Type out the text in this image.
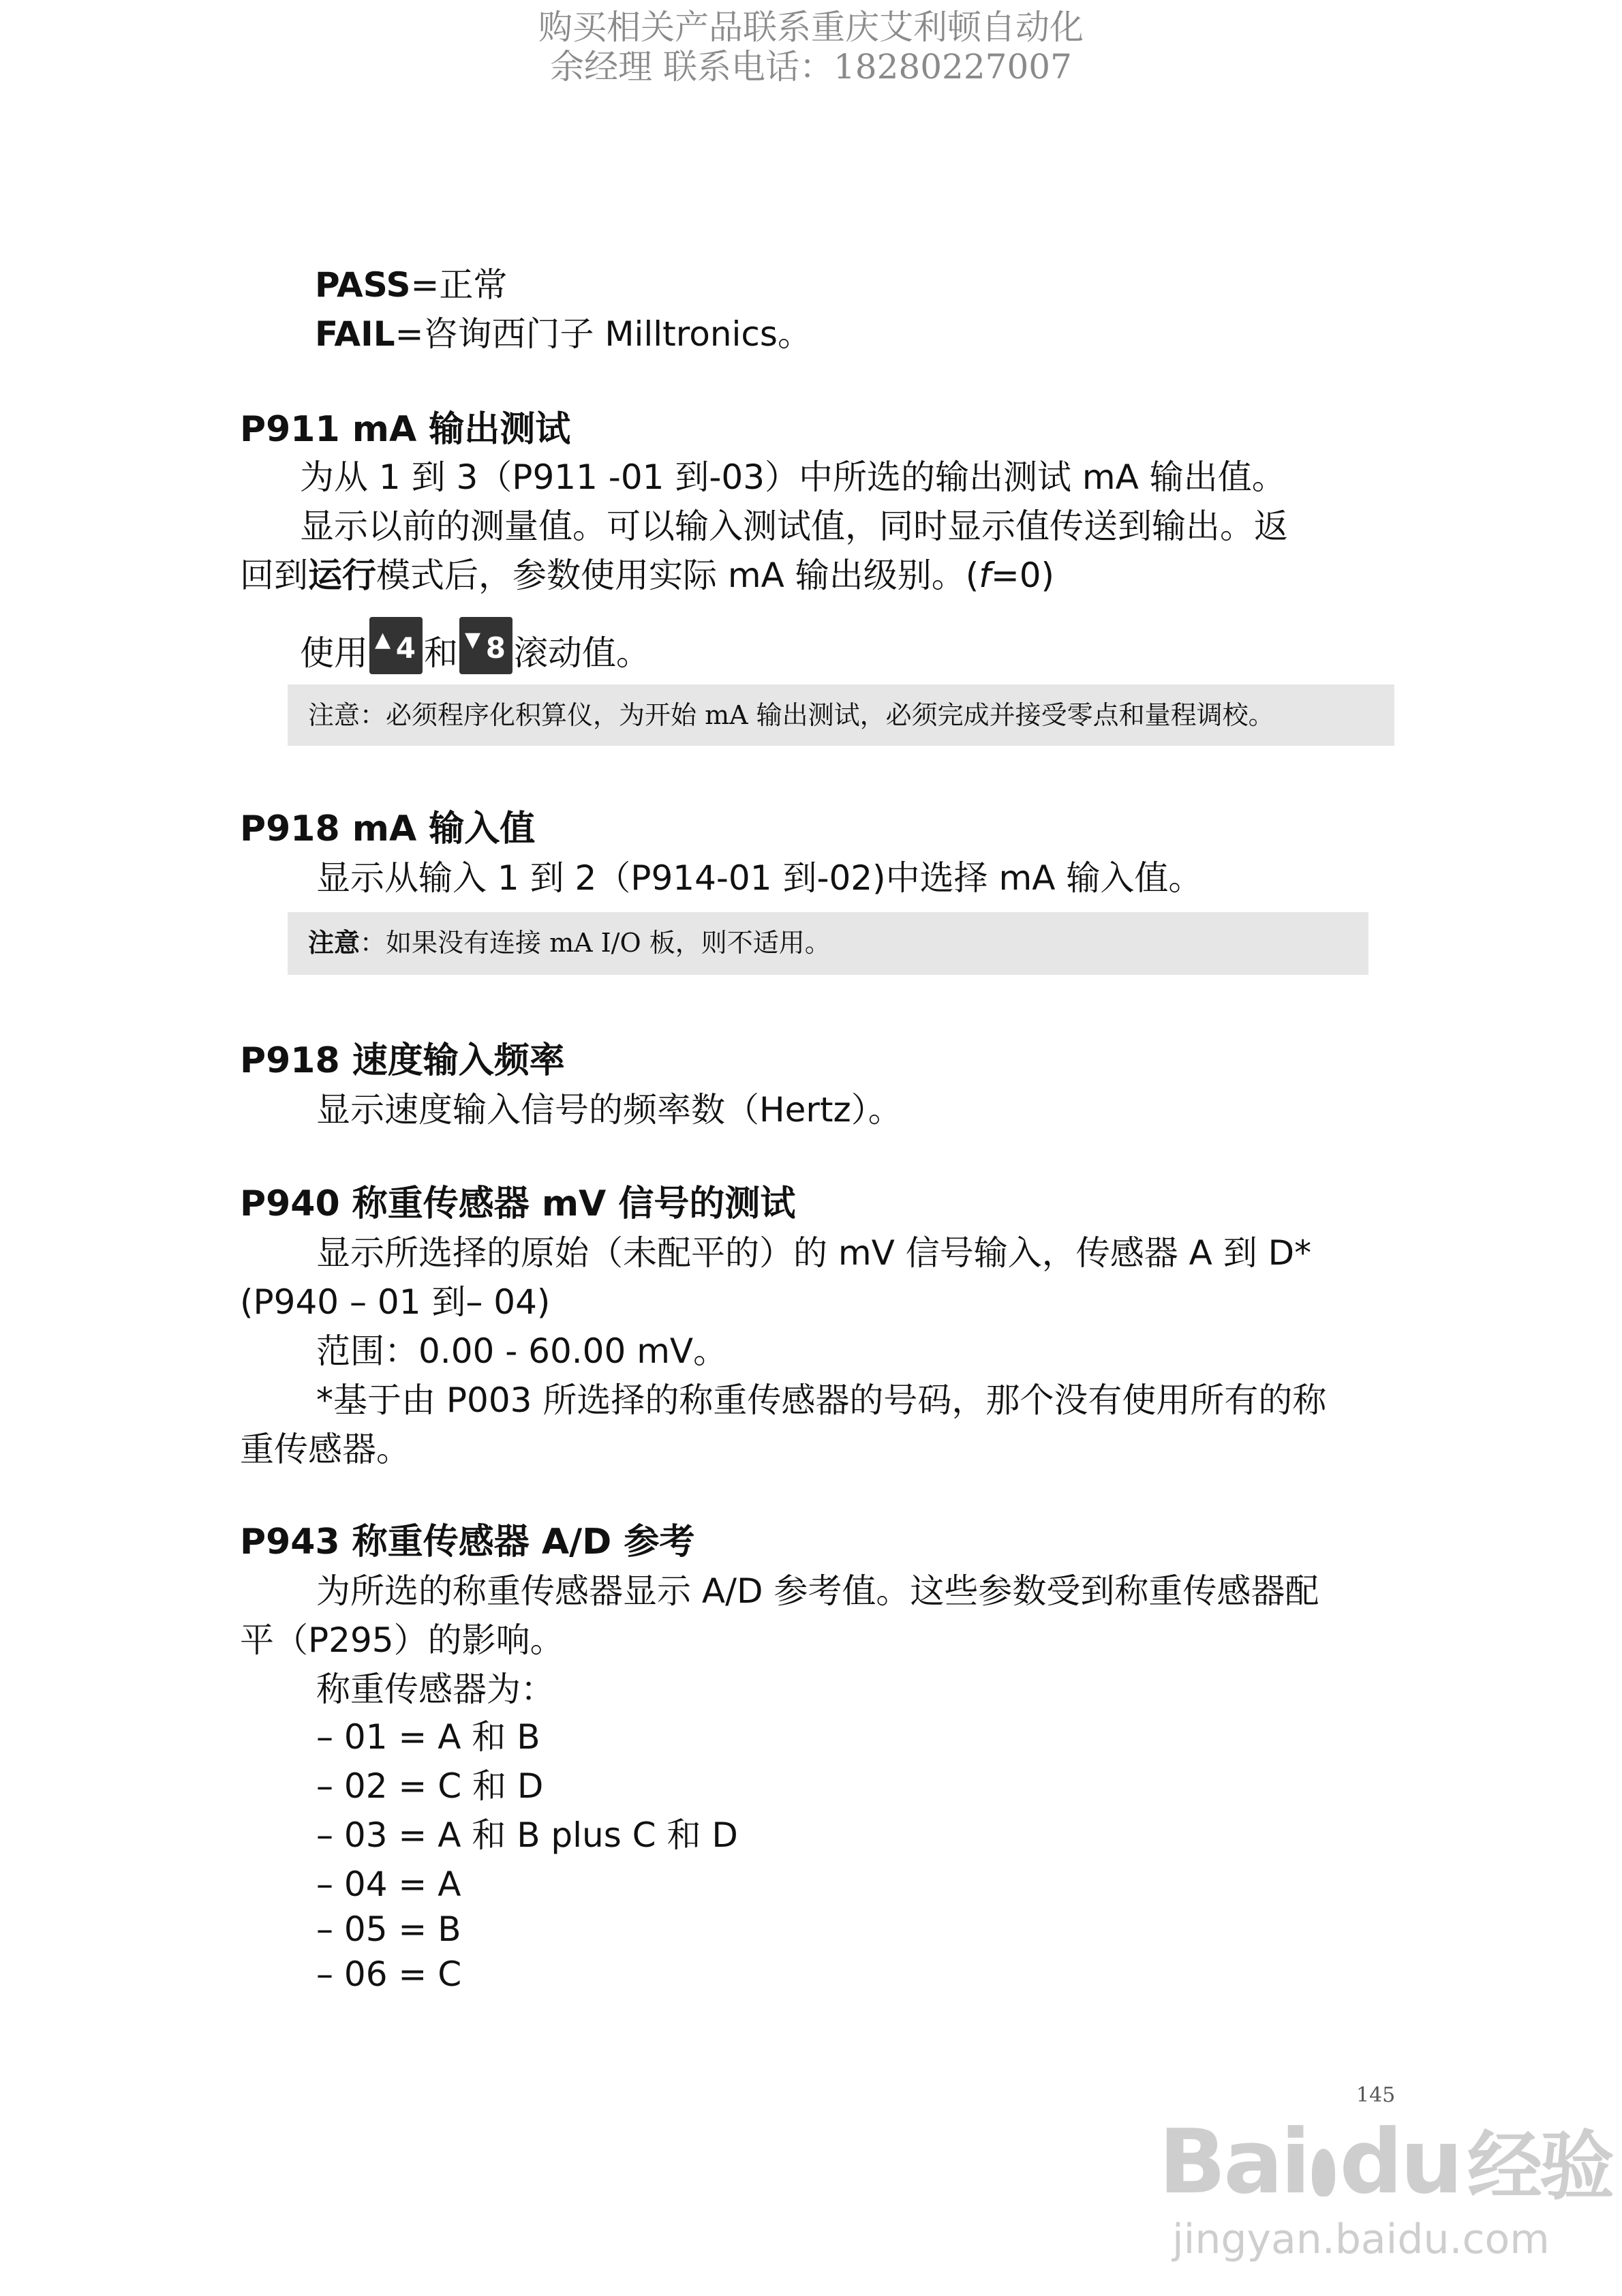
购买相关产品联系重庆艾利顿自动化
余经理 联系电话：18280227007
PASS=正常
FAIL=咨询西门子 Milltronics。
P911 mA 输出测试
为从 1 到 3（P911 -01 到-03）中所选的输出测试 mA 输出值。
显示以前的测量值。可以输入测试值，同时显示值传送到输出。返
回到运行模式后，参数使用实际 mA 输出级别。(f=0)
使用 ▲ 4 和 ▼ 8 滚动值。
注意：必须程序化积算仪，为开始 mA 输出测试，必须完成并接受零点和量程调校。
P918 mA 输入值
显示从输入 1 到 2（P914-01 到-02)中选择 mA 输入值。
注意：如果没有连接 mA I/O 板，则不适用。
P918 速度输入频率
显示速度输入信号的频率数（Hertz）。
P940 称重传感器 mV 信号的测试
显示所选择的原始（未配平的）的 mV 信号输入，传感器 A 到 D*
(P940 – 01 到– 04)
范围：0.00 - 60.00 mV。
*基于由 P003 所选择的称重传感器的号码，那个没有使用所有的称
重传感器。
P943 称重传感器 A/D 参考
为所选的称重传感器显示 A/D 参考值。这些参数受到称重传感器配
平（P295）的影响。
称重传感器为：
– 01 = A 和 B
– 02 = C 和 D
– 03 = A 和 B plus C 和 D
– 04 = A
– 05 = B
– 06 = C
145
Bai du经验
jingyan.baidu.com
